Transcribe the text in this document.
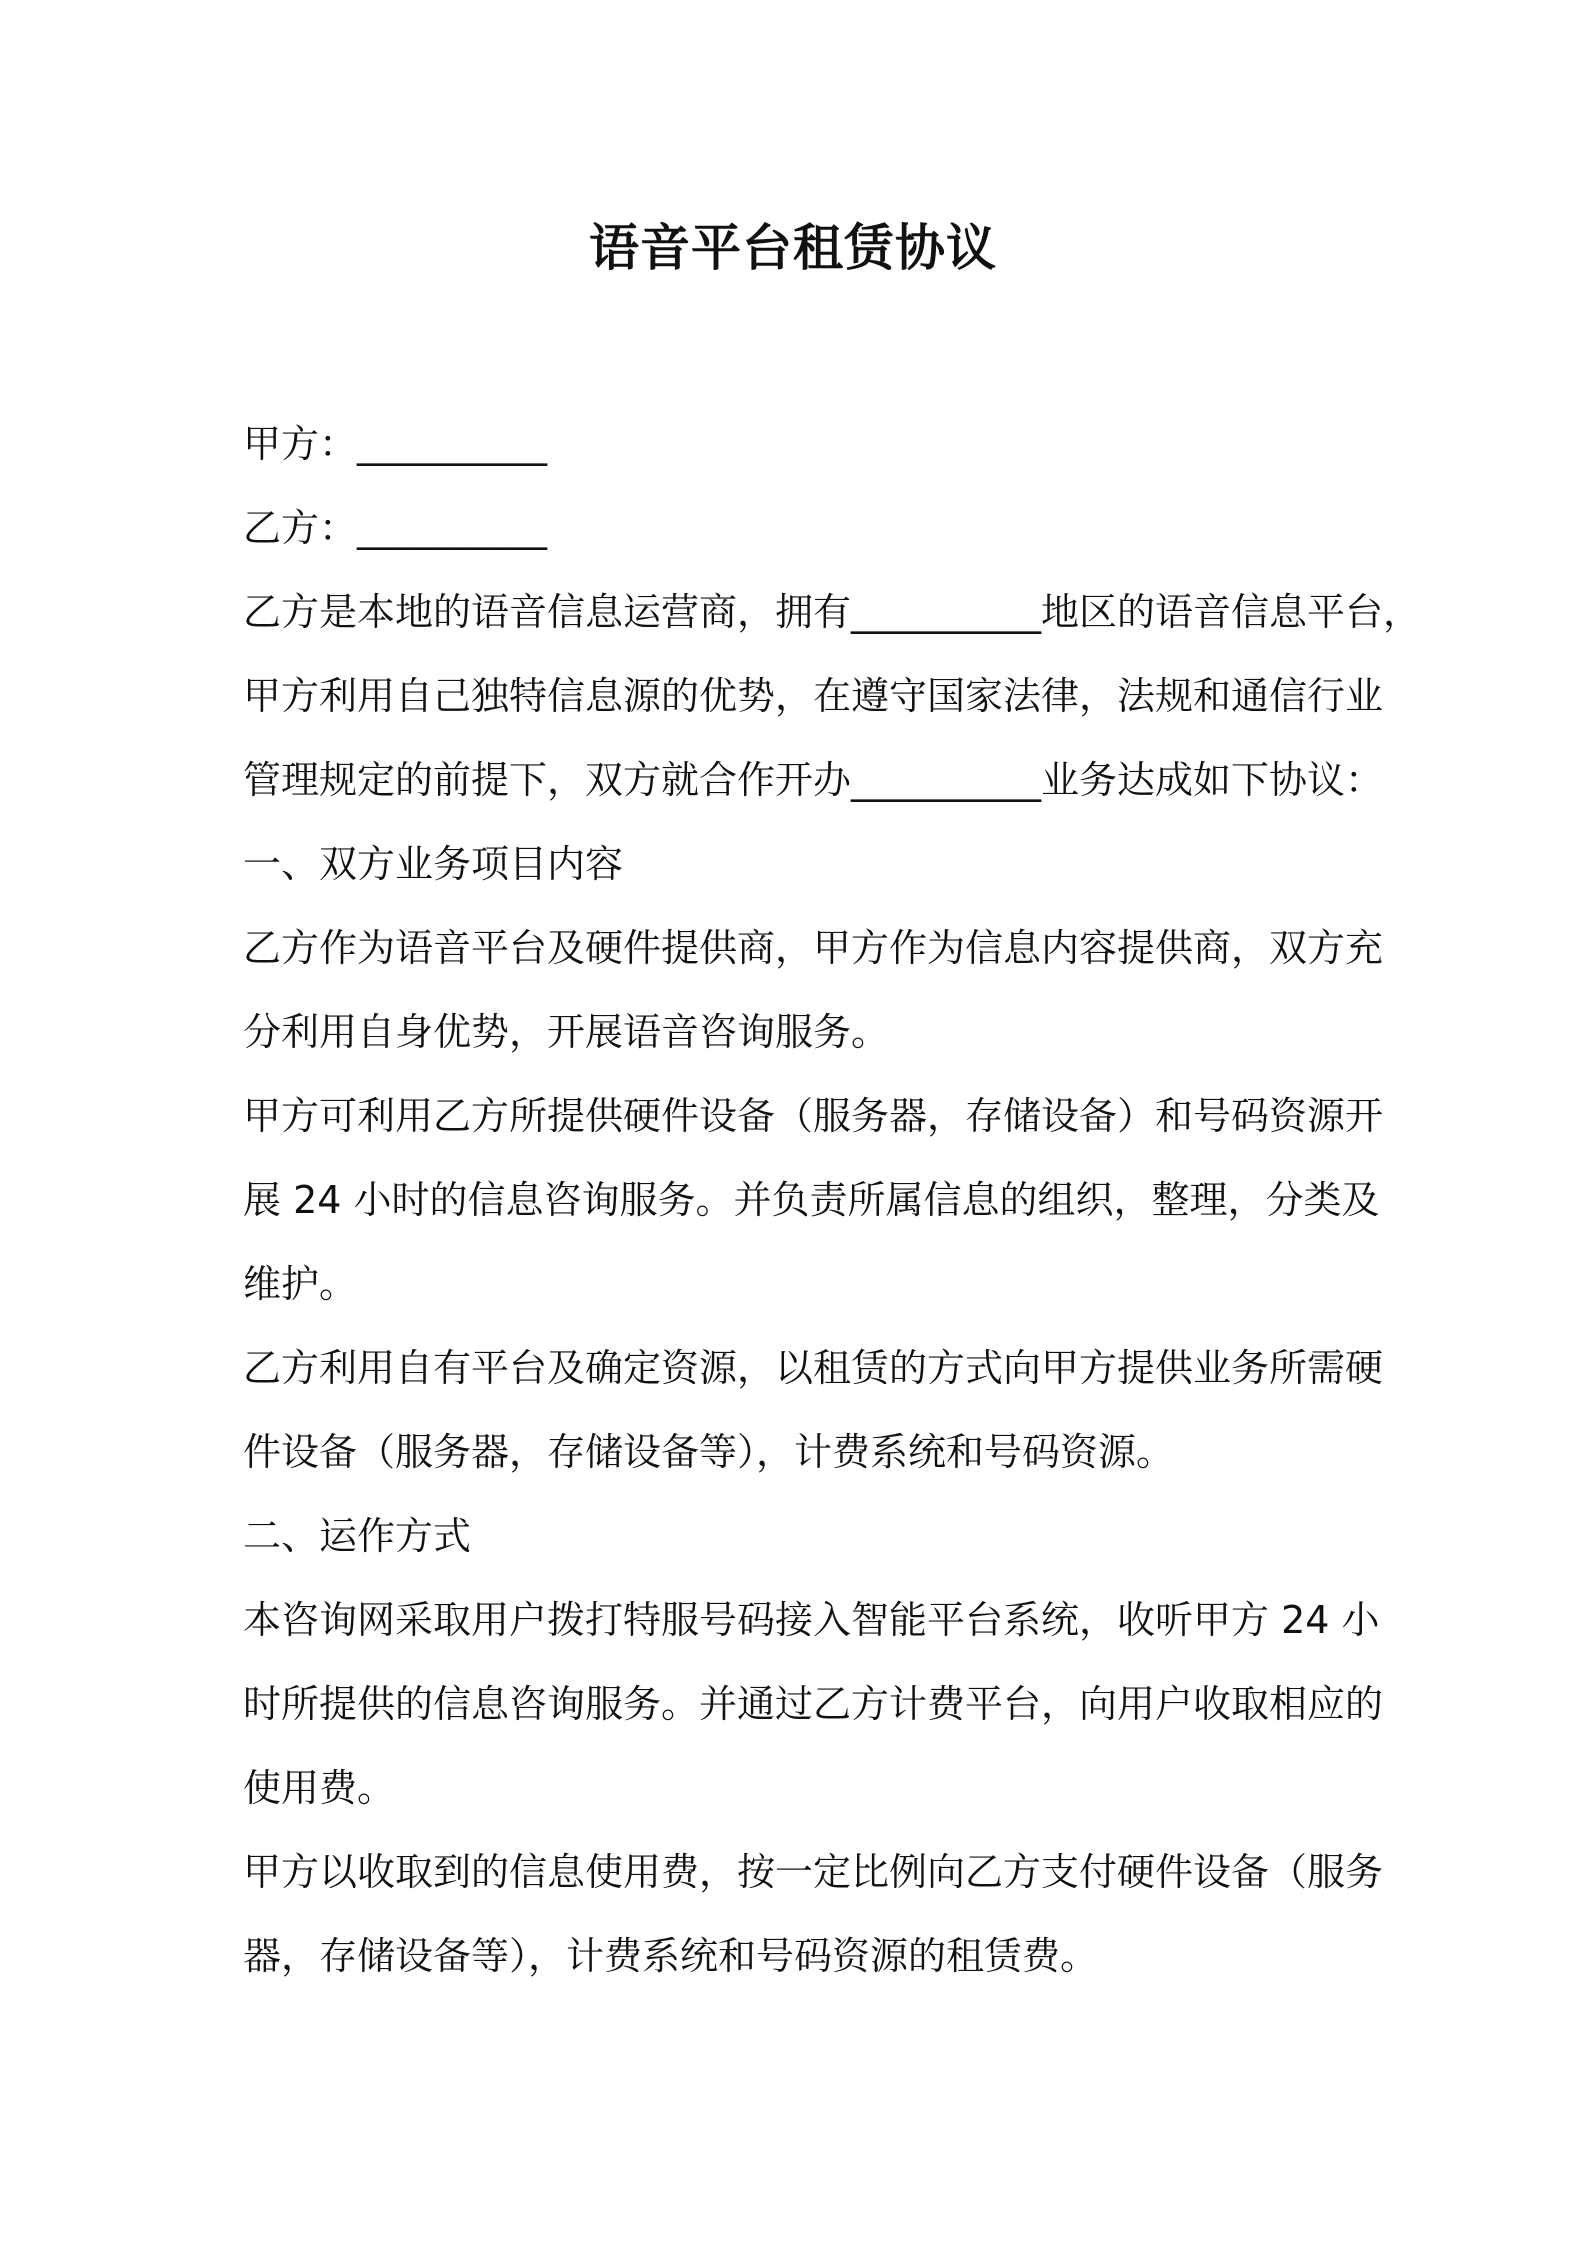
语音平台租赁协议

甲方：__________

乙方：__________

乙方是本地的语音信息运营商，拥有__________地区的语音信息平台，

甲方利用自己独特信息源的优势，在遵守国家法律，法规和通信行业

管理规定的前提下，双方就合作开办__________业务达成如下协议：

一、双方业务项目内容

乙方作为语音平台及硬件提供商，甲方作为信息内容提供商，双方充

分利用自身优势，开展语音咨询服务。

甲方可利用乙方所提供硬件设备（服务器，存储设备）和号码资源开

展 24 小时的信息咨询服务。并负责所属信息的组织，整理，分类及

维护。

乙方利用自有平台及确定资源，以租赁的方式向甲方提供业务所需硬

件设备（服务器，存储设备等），计费系统和号码资源。

二、运作方式

本咨询网采取用户拨打特服号码接入智能平台系统，收听甲方 24 小

时所提供的信息咨询服务。并通过乙方计费平台，向用户收取相应的

使用费。

甲方以收取到的信息使用费，按一定比例向乙方支付硬件设备（服务

器，存储设备等），计费系统和号码资源的租赁费。
